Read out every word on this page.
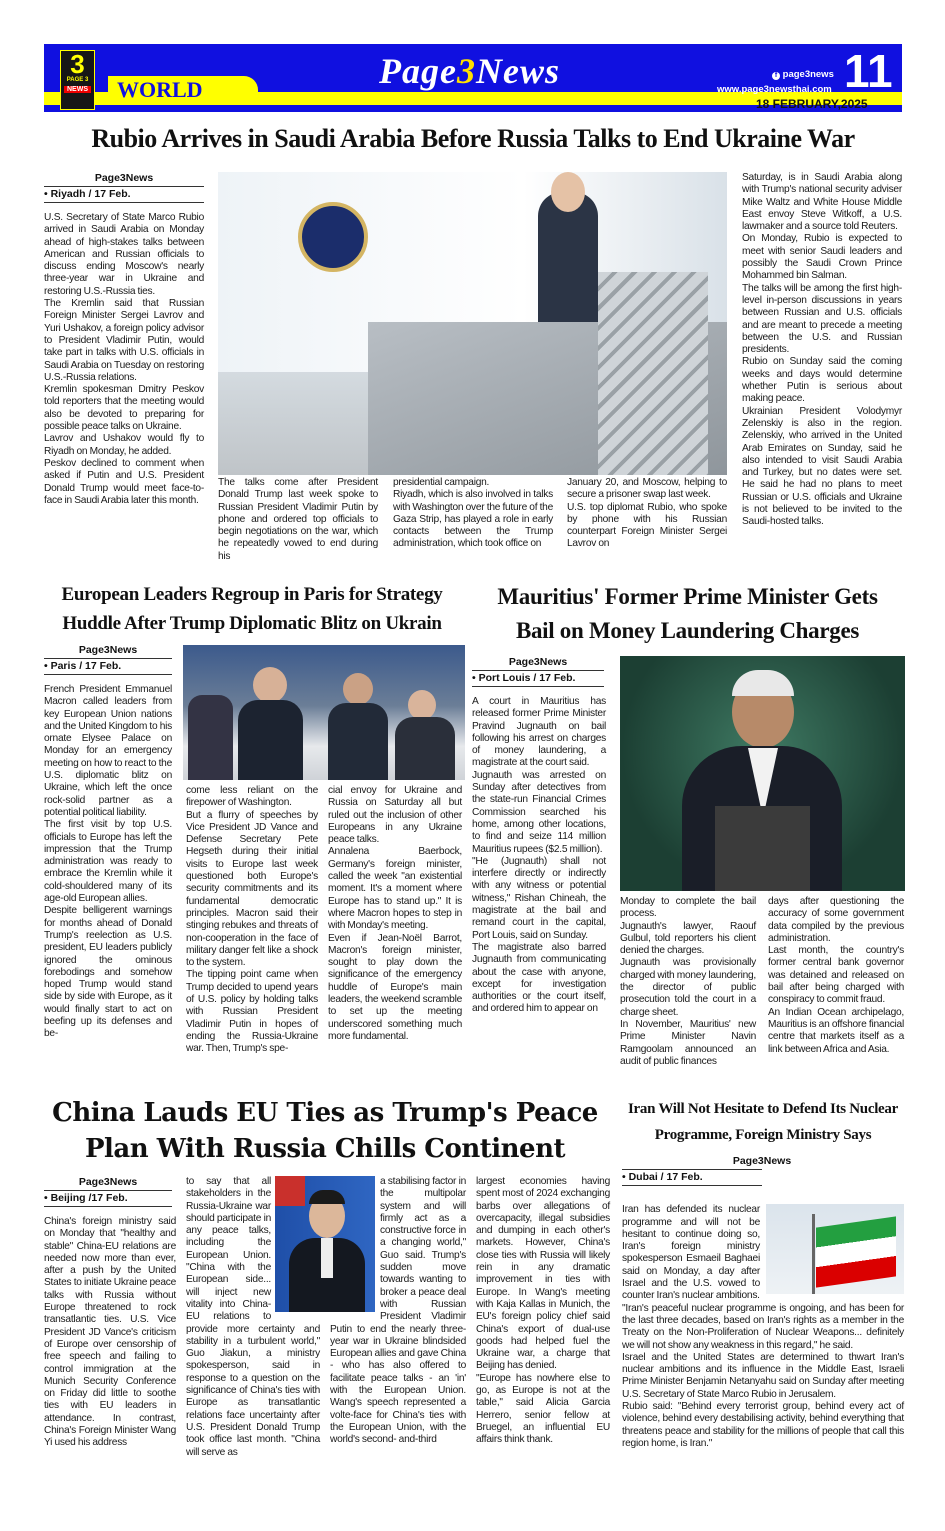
3
PAGE 3
NEWS WORLD	Page3News	f page3news
www.page3newsthai.com 11
18 FEBRUARY,2025
Rubio Arrives in Saudi Arabia Before Russia Talks to End Ukraine War
Page3News
• Riyadh / 17 Feb.
U.S. Secretary of State Marco Rubio arrived in Saudi Arabia on Monday ahead of high-stakes talks between American and Russian officials to discuss ending Moscow's nearly three-year war in Ukraine and restoring U.S.-Russia ties.
The Kremlin said that Russian Foreign Minister Sergei Lavrov and Yuri Ushakov, a foreign policy advisor to President Vladimir Putin, would take part in talks with U.S. officials in Saudi Arabia on Tuesday on restoring U.S.-Russia relations.
Kremlin spokesman Dmitry Peskov told reporters that the meeting would also be devoted to preparing for possible peace talks on Ukraine.
Lavrov and Ushakov would fly to Riyadh on Monday, he added.
Peskov declined to comment when asked if Putin and U.S. President Donald Trump would meet face-to-face in Saudi Arabia later this month.
The talks come after President Donald Trump last week spoke to Russian President Vladimir Putin by phone and ordered top officials to begin negotiations on the war, which he repeatedly vowed to end during his
presidential campaign.
Riyadh, which is also involved in talks with Washington over the future of the Gaza Strip, has played a role in early contacts between the Trump administration, which took office on
January 20, and Moscow, helping to secure a prisoner swap last week.
U.S. top diplomat Rubio, who spoke by phone with his Russian counterpart Foreign Minister Sergei Lavrov on
Saturday, is in Saudi Arabia along with Trump's national security adviser Mike Waltz and White House Middle East envoy Steve Witkoff, a U.S. lawmaker and a source told Reuters.
On Monday, Rubio is expected to meet with senior Saudi leaders and possibly the Saudi Crown Prince Mohammed bin Salman.
The talks will be among the first high-level in-person discussions in years between Russian and U.S. officials and are meant to precede a meeting between the U.S. and Russian presidents.
Rubio on Sunday said the coming weeks and days would determine whether Putin is serious about making peace.
Ukrainian President Volodymyr Zelenskiy is also in the region. Zelenskiy, who arrived in the United Arab Emirates on Sunday, said he also intended to visit Saudi Arabia and Turkey, but no dates were set. He said he had no plans to meet Russian or U.S. officials and Ukraine is not believed to be invited to the Saudi-hosted talks.
European Leaders Regroup in Paris for Strategy
Huddle After Trump Diplomatic Blitz on Ukrain
Page3News
• Paris / 17 Feb.
French President Emmanuel Macron called leaders from key European Union nations and the United Kingdom to his ornate Elysee Palace on Monday for an emergency meeting on how to react to the U.S. diplomatic blitz on Ukraine, which left the once rock-solid partner as a potential political liability.
The first visit by top U.S. officials to Europe has left the impression that the Trump administration was ready to embrace the Kremlin while it cold-shouldered many of its age-old European allies.
Despite belligerent warnings for months ahead of Donald Trump's reelection as U.S. president, EU leaders publicly ignored the ominous forebodings and somehow hoped Trump would stand side by side with Europe, as it would finally start to act on beefing up its defenses and be-
come less reliant on the firepower of Washington.
But a flurry of speeches by Vice President JD Vance and Defense Secretary Pete Hegseth during their initial visits to Europe last week questioned both Europe's security commitments and its fundamental democratic principles. Macron said their stinging rebukes and threats of non-cooperation in the face of military danger felt like a shock to the system.
The tipping point came when Trump decided to upend years of U.S. policy by holding talks with Russian President Vladimir Putin in hopes of ending the Russia-Ukraine war. Then, Trump's spe-
cial envoy for Ukraine and Russia on Saturday all but ruled out the inclusion of other Europeans in any Ukraine peace talks.
Annalena Baerbock, Germany's foreign minister, called the week "an existential moment. It's a moment where Europe has to stand up." It is where Macron hopes to step in with Monday's meeting.
Even if Jean-Noël Barrot, Macron's foreign minister, sought to play down the significance of the emergency huddle of Europe's main leaders, the weekend scramble to set up the meeting underscored something much more fundamental.
Mauritius' Former Prime Minister Gets
Bail on Money Laundering Charges
Page3News
• Port Louis / 17 Feb.
A court in Mauritius has released former Prime Minister Pravind Jugnauth on bail following his arrest on charges of money laundering, a magistrate at the court said.
Jugnauth was arrested on Sunday after detectives from the state-run Financial Crimes Commission searched his home, among other locations, to find and seize 114 million Mauritius rupees ($2.5 million).
"He (Jugnauth) shall not interfere directly or indirectly with any witness or potential witness," Rishan Chineah, the magistrate at the bail and remand court in the capital, Port Louis, said on Sunday.
The magistrate also barred Jugnauth from communicating about the case with anyone, except for investigation authorities or the court itself, and ordered him to appear on
Monday to complete the bail process.
Jugnauth's lawyer, Raouf Gulbul, told reporters his client denied the charges.
Jugnauth was provisionally charged with money laundering, the director of public prosecution told the court in a charge sheet.
In November, Mauritius' new Prime Minister Navin Ramgoolam announced an audit of public finances
days after questioning the accuracy of some government data compiled by the previous administration.
Last month, the country's former central bank governor was detained and released on bail after being charged with conspiracy to commit fraud.
An Indian Ocean archipelago, Mauritius is an offshore financial centre that markets itself as a link between Africa and Asia.
China Lauds EU Ties as Trump's Peace
Plan With Russia Chills Continent
Page3News
• Beijing /17 Feb.
China's foreign ministry said on Monday that "healthy and stable" China-EU relations are needed now more than ever, after a push by the United States to initiate Ukraine peace talks with Russia without Europe threatened to rock transatlantic ties. U.S. Vice President JD Vance's criticism of Europe over censorship of free speech and failing to control immigration at the Munich Security Conference on Friday did little to soothe ties with EU leaders in attendance. In contrast, China's Foreign Minister Wang Yi used his address
to say that all stakeholders in the Russia-Ukraine war should participate in any peace talks, including the European Union. "China with the European side... will inject new vitality into China-EU relations to provide more certainty and stability in a turbulent world," Guo Jiakun, a ministry spokesperson, said in response to a question on the significance of China's ties with Europe as transatlantic relations face uncertainty after U.S. President Donald Trump took office last month. "China will serve as
a stabilising factor in the multipolar system and will firmly act as a constructive force in a changing world," Guo said. Trump's sudden move towards wanting to broker a peace deal with	Russian President Vladimir Putin to end the nearly three-year war in Ukraine blindsided European allies and gave China - who has also offered to facilitate peace talks - an 'in' with the European Union. Wang's speech represented a volte-face for China's ties with the European Union, with the world's second- and-third
largest economies having spent most of 2024 exchanging barbs over allegations of overcapacity, illegal subsidies and dumping in each other's markets. However, China's close ties with Russia will likely rein in any dramatic improvement in ties with Europe. In Wang's meeting with Kaja Kallas in Munich, the EU's foreign policy chief said China's export of dual-use goods had helped fuel the Ukraine war, a charge that Beijing has denied.
"Europe has nowhere else to go, as Europe is not at the table," said Alicia Garcia Herrero, senior fellow at Bruegel, an influential EU affairs think thank.
Iran Will Not Hesitate to Defend Its Nuclear
Programme, Foreign Ministry Says
Page3News
• Dubai / 17 Feb.

Iran has defended its nuclear programme and will not be hesitant to continue doing so, Iran's foreign ministry spokesperson Esmaeil Baghaei said on Monday, a day after Israel and the U.S. vowed to counter Iran's nuclear ambitions.
"Iran's peaceful nuclear programme is ongoing, and has been for the last three decades, based on Iran's rights as a member in the Treaty on the Non-Proliferation of Nuclear Weapons... definitely we will not show any weakness in this regard," he said.
Israel and the United States are determined to thwart Iran's nuclear ambitions and its influence in the Middle East, Israeli Prime Minister Benjamin Netanyahu said on Sunday after meeting U.S. Secretary of State Marco Rubio in Jerusalem.
Rubio said: "Behind every terrorist group, behind every act of violence, behind every destabilising activity, behind everything that threatens peace and stability for the millions of people that call this region home, is Iran."
